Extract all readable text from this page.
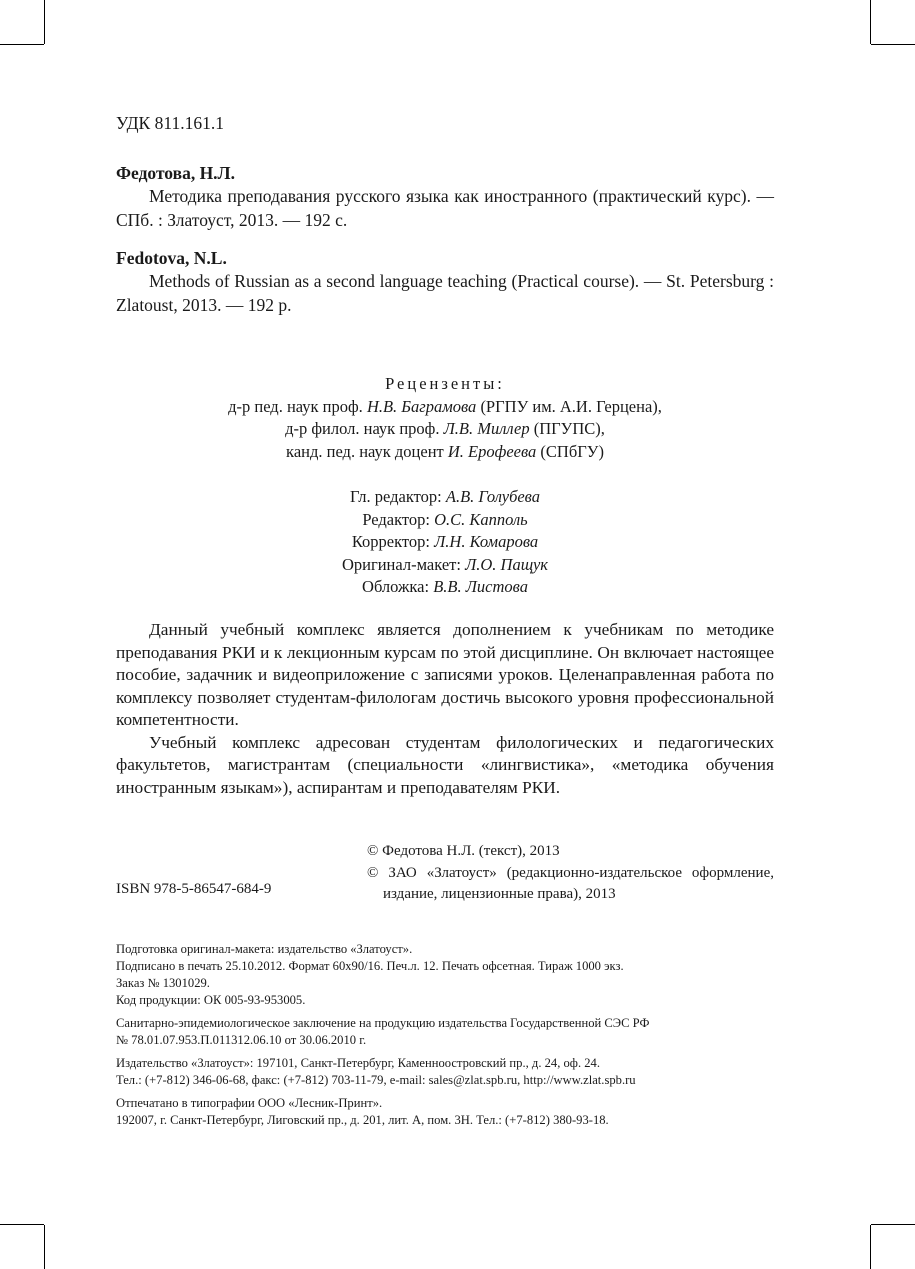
УДК 811.161.1
Федотова, Н.Л.

Методика преподавания русского языка как иностранного (практический курс). — СПб. : Златоуст, 2013. — 192 с.

Fedotova, N.L.

Methods of Russian as a second language teaching (Practical course). — St. Petersburg : Zlatoust, 2013. — 192 p.

Рецензенты:
д-р пед. наук проф. Н.В. Баграмова (РГПУ им. А.И. Герцена),
д-р филол. наук проф. Л.В. Миллер (ПГУПС),
канд. пед. наук доцент И. Ерофеева (СПбГУ)
Гл. редактор: А.В. Голубева
Редактор: О.С. Капполь
Корректор: Л.Н. Комарова
Оригинал-макет: Л.О. Пащук
Обложка: В.В. Листова

Данный учебный комплекс является дополнением к учебникам по методике преподавания РКИ и к лекционным курсам по этой дисциплине. Он включает настоящее пособие, задачник и видеоприложение с записями уроков. Целенаправленная работа по комплексу позволяет студентам-филологам достичь высокого уровня профессиональной компетентности.

Учебный комплекс адресован студентам филологических и педагогических факультетов, магистрантам (специальности «лингвистика», «методика обучения иностранным языкам»), аспирантам и преподавателям РКИ.

© Федотова Н.Л. (текст), 2013
© ЗАО «Златоуст» (редакционно-издательское оформление, издание, лицензионные права), 2013
ISBN 978-5-86547-684-9

Подготовка оригинал-макета: издательство «Златоуст».
Подписано в печать 25.10.2012. Формат 60х90/16. Печ.л. 12. Печать офсетная. Тираж 1000 экз.
Заказ № 1301029.
Код продукции: ОК 005-93-953005.

Санитарно-эпидемиологическое заключение на продукцию издательства Государственной СЭС РФ
№ 78.01.07.953.П.011312.06.10 от 30.06.2010 г.

Издательство «Златоуст»: 197101, Санкт-Петербург, Каменноостровский пр., д. 24, оф. 24.
Тел.: (+7-812) 346-06-68, факс: (+7-812) 703-11-79, e-mail: sales@zlat.spb.ru, http://www.zlat.spb.ru

Отпечатано в типографии ООО «Лесник-Принт».
192007, г. Санкт-Петербург, Лиговский пр., д. 201, лит. А, пом. 3Н. Тел.: (+7-812) 380-93-18.
